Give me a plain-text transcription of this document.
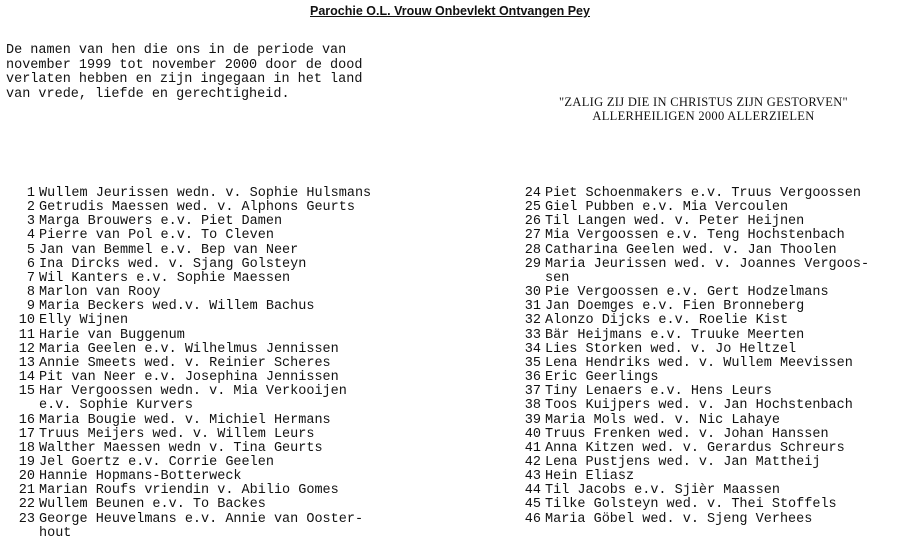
Parochie O.L. Vrouw Onbevlekt Ontvangen Pey
De namen van hen die ons in de periode van
november 1999 tot november 2000 door de dood
verlaten hebben en zijn ingegaan in het land
van vrede, liefde en gerechtigheid.
"ZALIG ZIJ DIE IN CHRISTUS ZIJN GESTORVEN"
ALLERHEILIGEN 2000 ALLERZIELEN
1 Wullem Jeurissen wedn. v. Sophie Hulsmans
2 Getrudis Maessen wed. v. Alphons Geurts
3 Marga Brouwers e.v. Piet Damen
4 Pierre van Pol e.v. To Cleven
5 Jan van Bemmel e.v. Bep van Neer
6 Ina Dircks wed. v. Sjang Golsteyn
7 Wil Kanters e.v. Sophie Maessen
8 Marlon van Rooy
9 Maria Beckers wed.v. Willem Bachus
10 Elly Wijnen
11 Harie van Buggenum
12 Maria Geelen e.v. Wilhelmus Jennissen
13 Annie Smeets wed. v. Reinier Scheres
14 Pit van Neer e.v. Josephina Jennissen
15 Har Vergoossen wedn. v. Mia Verkooijen
e.v. Sophie Kurvers
16 Maria Bougie wed. v. Michiel Hermans
17 Truus Meijers wed. v. Willem Leurs
18 Walther Maessen wedn v. Tina Geurts
19 Jel Goertz e.v. Corrie Geelen
20 Hannie Hopmans-Botterweck
21 Marian Roufs vriendin v. Abilio Gomes
22 Wullem Beunen e.v. To Backes
23 George Heuvelmans e.v. Annie van Ooster-
hout
24 Piet Schoenmakers e.v. Truus Vergoossen
25 Giel Pubben e.v. Mia Vercoulen
26 Til Langen wed. v. Peter Heijnen
27 Mia Vergoossen e.v. Teng Hochstenbach
28 Catharina Geelen wed. v. Jan Thoolen
29 Maria Jeurissen wed. v. Joannes Vergoos-
sen
30 Pie Vergoossen e.v. Gert Hodzelmans
31 Jan Doemges e.v. Fien Bronneberg
32 Alonzo Dijcks e.v. Roelie Kist
33 Bär Heijmans e.v. Truuke Meerten
34 Lies Storken wed. v. Jo Heltzel
35 Lena Hendriks wed. v. Wullem Meevissen
36 Eric Geerlings
37 Tiny Lenaers e.v. Hens Leurs
38 Toos Kuijpers wed. v. Jan Hochstenbach
39 Maria Mols wed. v. Nic Lahaye
40 Truus Frenken wed. v. Johan Hanssen
41 Anna Kitzen wed. v. Gerardus Schreurs
42 Lena Pustjens wed. v. Jan Mattheij
43 Hein Eliasz
44 Til Jacobs e.v. Sjièr Maassen
45 Tilke Golsteyn wed. v. Thei Stoffels
46 Maria Göbel wed. v. Sjeng Verhees
